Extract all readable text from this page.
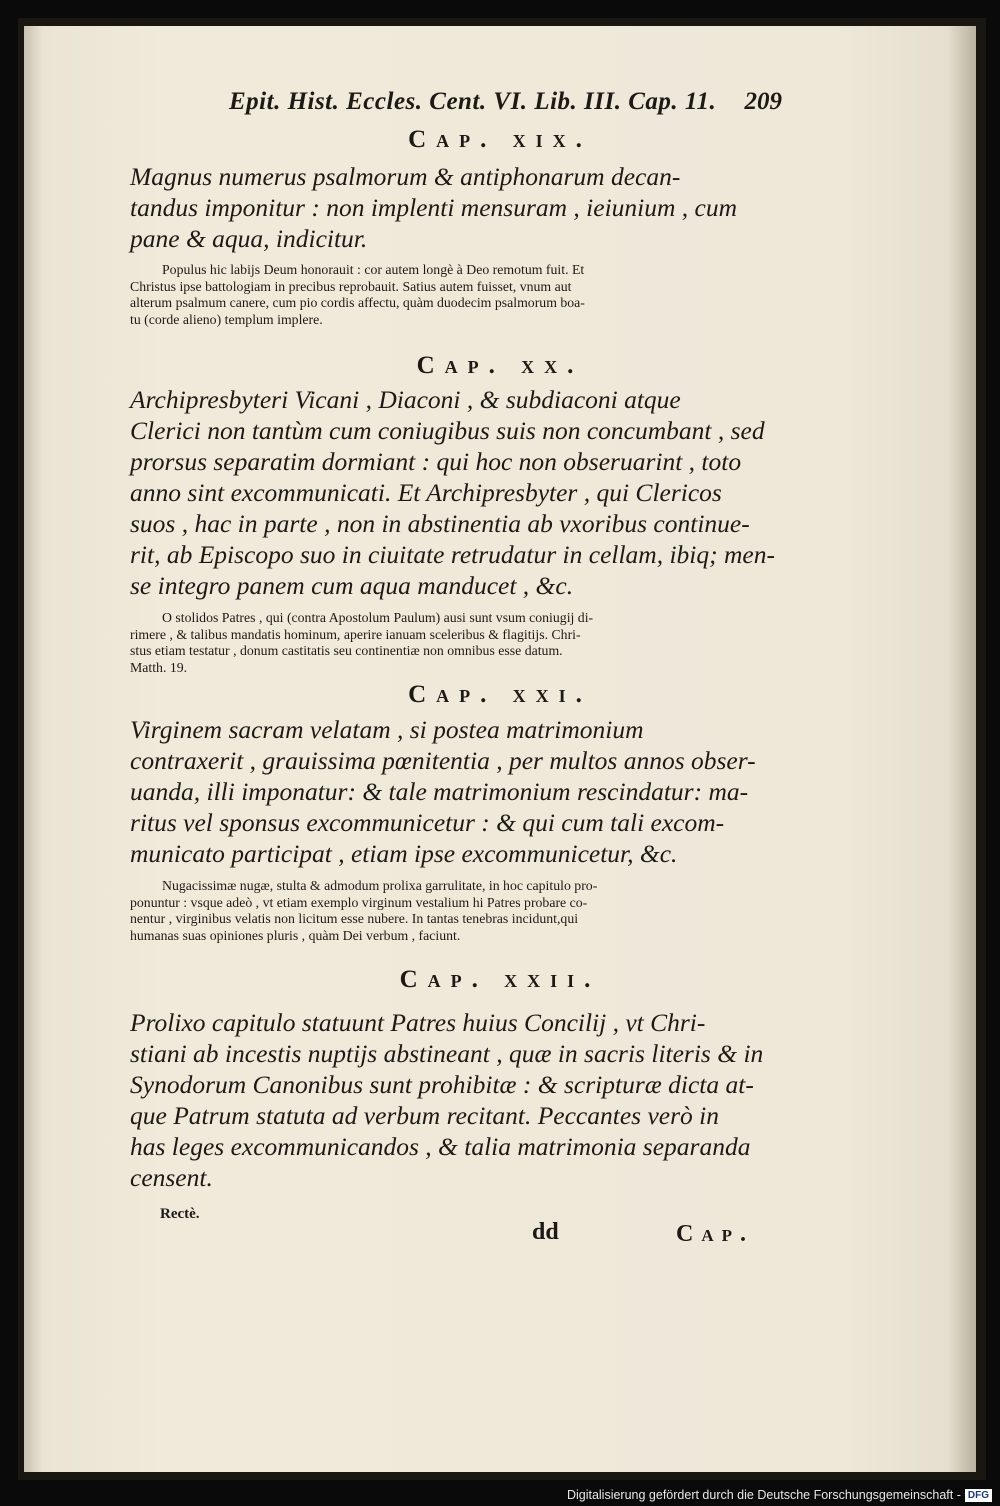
Epit. Hist. Eccles. Cent. VI. Lib. III. Cap. 11.	209
Cap. xix.
Magnus numerus psalmorum & antiphonarum decan-
tandus imponitur : non implenti mensuram , ieiunium , cum
pane & aqua, indicitur.
Populus hic labijs Deum honorauit : cor autem longè à Deo remotum fuit. Et
Christus ipse battologiam in precibus reprobauit. Satius autem fuisset, vnum aut
alterum psalmum canere, cum pio cordis affectu, quàm duodecim psalmorum boa-
tu (corde alieno) templum implere.
Cap. xx.
Archipresbyteri Vicani , Diaconi , & subdiaconi atque
Clerici non tantùm cum coniugibus suis non concumbant , sed
prorsus separatim dormiant : qui hoc non obseruarint , toto
anno sint excommunicati. Et Archipresbyter , qui Clericos
suos , hac in parte , non in abstinentia ab vxoribus continue-
rit, ab Episcopo suo in ciuitate retrudatur in cellam, ibiq; men-
se integro panem cum aqua manducet , &c.
O stolidos Patres , qui (contra Apostolum Paulum) ausi sunt vsum coniugij di-
rimere , & talibus mandatis hominum, aperire ianuam sceleribus & flagitijs. Chri-
stus etiam testatur , donum castitatis seu continentiæ non omnibus esse datum.
Matth. 19.
Cap. xxi.
Virginem sacram velatam , si postea matrimonium
contraxerit , grauissima pœnitentia , per multos annos obser-
uanda, illi imponatur: & tale matrimonium rescindatur: ma-
ritus vel sponsus excommunicetur : & qui cum tali excom-
municato participat , etiam ipse excommunicetur, &c.
Nugacissimæ nugæ, stulta & admodum prolixa garrulitate, in hoc capitulo pro-
ponuntur : vsque adeò , vt etiam exemplo virginum vestalium hi Patres probare co-
nentur , virginibus velatis non licitum esse nubere. In tantas tenebras incidunt,qui
humanas suas opiniones pluris , quàm Dei verbum , faciunt.
Cap. xxii.
Prolixo capitulo statuunt Patres huius Concilij , vt Chri-
stiani ab incestis nuptijs abstineant , quæ in sacris literis & in
Synodorum Canonibus sunt prohibitæ : & scripturæ dicta at-
que Patrum statuta ad verbum recitant. Peccantes verò in
has leges excommunicandos , & talia matrimonia separanda
censent.
Rectè.
dd	Cap.
Digitalisierung gefördert durch die Deutsche Forschungsgemeinschaft - DFG
